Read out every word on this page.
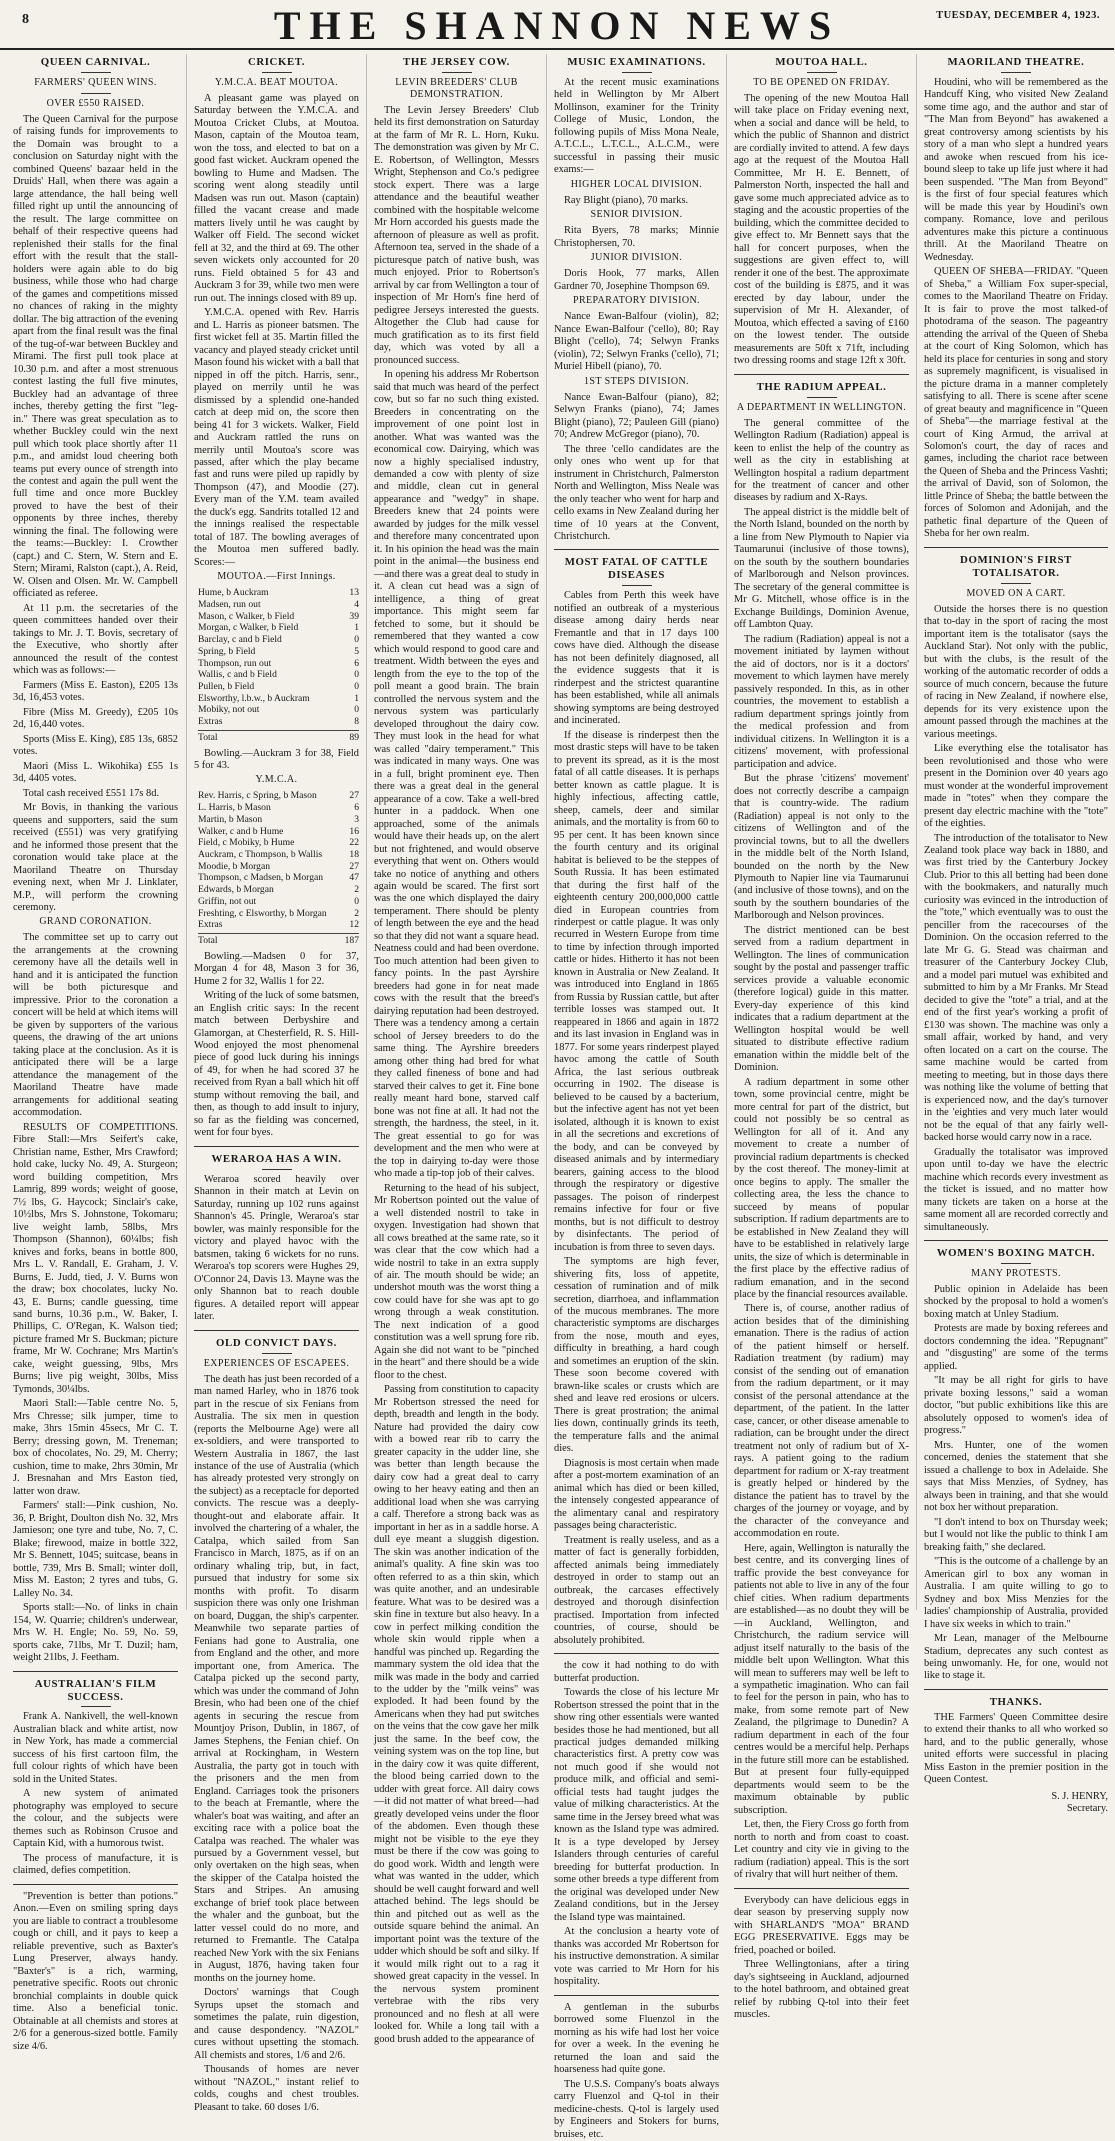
8	THE SHANNON NEWS	TUESDAY, DECEMBER 4, 1923.
QUEEN CARNIVAL.
FARMERS' QUEEN WINS.
OVER £550 RAISED.

The Queen Carnival for the purpose of raising funds for improvements to the Domain was brought to a conclusion on Saturday night with the combined Queens' bazaar held in the Druids' Hall, when there was again a large attendance, the hall being well filled right up until the announcing of the result. The large committee on behalf of their respective queens had replenished their stalls for the final effort with the result that the stall-holders were again able to do big business, while those who had charge of the games and competitions missed no chances of raking in the mighty dollar. The big attraction of the evening apart from the final result was the final of the tug-of-war between Buckley and Mirami. The first pull took place at 10.30 p.m. and after a most strenuous contest lasting the full five minutes, Buckley had an advantage of three inches, thereby getting the first "leg-in." There was great speculation as to whether Buckley could win the next pull which took place shortly after 11 p.m., and amidst loud cheering both teams put every ounce of strength into the contest and again the pull went the full time and once more Buckley proved to have the best of their opponents by three inches, thereby winning the final. The following were the teams:—Buckley: I. Crowther (capt.) and C. Stern, W. Stern and E. Stern; Mirami, Ralston (capt.), A. Reid, W. Olsen and Olsen. Mr. W. Campbell officiated as referee.

At 11 p.m. the secretaries of the queen committees handed over their takings to Mr. J. T. Bovis, secretary of the Executive, who shortly after announced the result of the contest which was as follows:—

Farmers (Miss E. Easton), £205 13s 3d, 16,453 votes.

Fibre (Miss M. Greedy), £205 10s 2d, 16,440 votes.

Sports (Miss E. King), £85 13s, 6852 votes.

Maori (Miss L. Wikohika) £55 1s 3d, 4405 votes.

Total cash received £551 17s 8d.

Mr Bovis, in thanking the various queens and supporters, said the sum received (£551) was very gratifying and he informed those present that the coronation would take place at the Maoriland Theatre on Thursday evening next, when Mr J. Linklater, M.P., will perform the crowning ceremony.

GRAND CORONATION.

The committee set up to carry out the arrangements at the crowning ceremony have all the details well in hand and it is anticipated the function will be both picturesque and impressive. Prior to the coronation a concert will be held at which items will be given by supporters of the various queens, the drawing of the art unions taking place at the conclusion. As it is anticipated there will be a large attendance the management of the Maoriland Theatre have made arrangements for additional seating accommodation.

RESULTS OF COMPETITIONS. Fibre Stall:—Mrs Seifert's cake, Christian name, Esther, Mrs Crawford; hold cake, lucky No. 49, A. Sturgeon; word building competition, Mrs Lamrig, 899 words; weight of goose, 7½ lbs, G. Haycock; Sinclair's cake, 10½lbs, Mrs S. Johnstone, Tokomaru; live weight lamb, 58lbs, Mrs Thompson (Shannon), 60¼lbs; fish knives and forks, beans in bottle 800, Mrs L. V. Randall, E. Graham, J. V. Burns, E. Judd, tied, J. V. Burns won the draw; box chocolates, lucky No. 43, E. Burns; candle guessing, time sand burns, 10.36 p.m., W. Baker, I. Phillips, C. O'Regan, K. Walson tied; picture framed Mr S. Buckman; picture frame, Mr W. Cochrane; Mrs Martin's cake, weight guessing, 9lbs, Mrs Burns; live pig weight, 30lbs, Miss Tymonds, 30¼lbs.

Maori Stall:—Table centre No. 5, Mrs Chresse; silk jumper, time to make, 3hrs 15min 45secs, Mr C. T. Berry; dressing gown, M. Treneman; box of chocolates, No. 29, M. Cherry; cushion, time to make, 2hrs 30min, Mr J. Bresnahan and Mrs Easton tied, latter won draw.

Farmers' stall:—Pink cushion, No. 36, P. Bright, Doulton dish No. 32, Mrs Jamieson; one tyre and tube, No. 7, C. Blake; firewood, maize in bottle 322, Mr S. Bennett, 1045; suitcase, beans in bottle, 739, Mrs B. Small; winter doll, Miss M. Easton; 2 tyres and tubs, G. Lalley No. 34.

Sports stall:—No. of links in chain 154, W. Quarrie; children's underwear, Mrs W. H. Engle; No. 59, No. 59, sports cake, 71lbs, Mr T. Duzil; ham, weight 21lbs, J. Feetham.

AUSTRALIAN'S FILM SUCCESS.

Frank A. Nankivell, the well-known Australian black and white artist, now in New York, has made a commercial success of his first cartoon film, the full colour rights of which have been sold in the United States.

A new system of animated photography was employed to secure the colour, and the subjects were themes such as Robinson Crusoe and Captain Kid, with a humorous twist.

The process of manufacture, it is claimed, defies competition.

"Prevention is better than potions." Anon.—Even on smiling spring days you are liable to contract a troublesome cough or chill, and it pays to keep a reliable preventive, such as Baxter's Lung Preserver, always handy. "Baxter's" is a rich, warming, penetrative specific. Roots out chronic bronchial complaints in double quick time. Also a beneficial tonic. Obtainable at all chemists and stores at 2/6 for a generous-sized bottle. Family size 4/6.

CRICKET.
Y.M.C.A. BEAT MOUTOA.

A pleasant game was played on Saturday between the Y.M.C.A. and Moutoa Cricket Clubs, at Moutoa. Mason, captain of the Moutoa team, won the toss, and elected to bat on a good fast wicket. Auckram opened the bowling to Hume and Madsen. The scoring went along steadily until Madsen was run out. Mason (captain) filled the vacant crease and made matters lively until he was caught by Walker off Field. The second wicket fell at 32, and the third at 69. The other seven wickets only accounted for 20 runs. Field obtained 5 for 43 and Auckram 3 for 39, while two men were run out. The innings closed with 89 up.

Y.M.C.A. opened with Rev. Harris and L. Harris as pioneer batsmen. The first wicket fell at 35. Martin filled the vacancy and played steady cricket until Mason found his wicket with a ball that nipped in off the pitch. Harris, senr., played on merrily until he was dismissed by a splendid one-handed catch at deep mid on, the score then being 41 for 3 wickets. Walker, Field and Auckram rattled the runs on merrily until Moutoa's score was passed, after which the play became fast and runs were piled up rapidly by Thompson (47), and Moodie (27). Every man of the Y.M. team availed the duck's egg. Sandrits totalled 12 and the innings realised the respectable total of 187. The bowling averages of the Moutoa men suffered badly. Scores:—

MOUTOA.—First Innings.
Hume, b Auckram	13
Madsen, run out	4
Mason, c Walker, b Field	39
Morgan, c Walker, b Field	1
Barclay, c and b Field	0
Spring, b Field	5
Thompson, run out	6
Wallis, c and b Field	0
Pullen, b Field	0
Elsworthy, l.b.w., b Auckram	1
Mobiky, not out	0
Extras	8
Total	89

Bowling.—Auckram 3 for 38, Field 5 for 43.

Y.M.C.A.
Rev. Harris, c Spring, b Mason	27
L. Harris, b Mason	6
Martin, b Mason	3
Walker, c and b Hume	16
Field, c Mobiky, b Hume	22
Auckram, c Thompson, b Wallis	18
Moodie, b Morgan	27
Thompson, c Madsen, b Morgan	47
Edwards, b Morgan	2
Griffin, not out	0
Freshting, c Elsworthy, b Morgan	2
Extras	12
Total	187

Bowling.—Madsen 0 for 37, Morgan 4 for 48, Mason 3 for 36, Hume 2 for 32, Wallis 1 for 22.

Writing of the luck of some batsmen, an English critic says: In the recent match between Derbyshire and Glamorgan, at Chesterfield, R. S. Hill-Wood enjoyed the most phenomenal piece of good luck during his innings of 49, for when he had scored 37 he received from Ryan a ball which hit off stump without removing the bail, and then, as though to add insult to injury, so far as the fielding was concerned, went for four byes.

WERAROA HAS A WIN.

Weraroa scored heavily over Shannon in their match at Levin on Saturday, running up 102 runs against Shannon's 45. Pringle, Weraroa's star bowler, was mainly responsible for the victory and played havoc with the batsmen, taking 6 wickets for no runs. Weraroa's top scorers were Hughes 29, O'Connor 24, Davis 13. Mayne was the only Shannon bat to reach double figures. A detailed report will appear later.

OLD CONVICT DAYS.
EXPERIENCES OF ESCAPEES.

The death has just been recorded of a man named Harley, who in 1876 took part in the rescue of six Fenians from Australia. The six men in question (reports the Melbourne Age) were all ex-soldiers, and were transported to Western Australia in 1867, the last instance of the use of Australia (which has already protested very strongly on the subject) as a receptacle for deported convicts. The rescue was a deeply-thought-out and elaborate affair. It involved the chartering of a whaler, the Catalpa, which sailed from San Francisco in March, 1875, as if on an ordinary whaling trip, but, in fact, pursued that industry for some six months with profit. To disarm suspicion there was only one Irishman on board, Duggan, the ship's carpenter. Meanwhile two separate parties of Fenians had gone to Australia, one from England and the other, and more important one, from America. The Catalpa picked up the second party, which was under the command of John Bresin, who had been one of the chief agents in securing the rescue from Mountjoy Prison, Dublin, in 1867, of James Stephens, the Fenian chief. On arrival at Rockingham, in Western Australia, the party got in touch with the prisoners and the men from England. Carriages took the prisoners to the beach at Fremantle, where the whaler's boat was waiting, and after an exciting race with a police boat the Catalpa was reached. The whaler was pursued by a Government vessel, but only overtaken on the high seas, when the skipper of the Catalpa hoisted the Stars and Stripes. An amusing exchange of brief took place between the whaler and the gunboat, but the latter vessel could do no more, and returned to Fremantle. The Catalpa reached New York with the six Fenians in August, 1876, having taken four months on the journey home.

Doctors' warnings that Cough Syrups upset the stomach and sometimes the palate, ruin digestion, and cause despondency. "NAZOL" cures without upsetting the stomach. All chemists and stores, 1/6 and 2/6.

Thousands of homes are never without "NAZOL," instant relief to colds, coughs and chest troubles. Pleasant to take. 60 doses 1/6.

THE JERSEY COW.
LEVIN BREEDERS' CLUB DEMONSTRATION.

The Levin Jersey Breeders' Club held its first demonstration on Saturday at the farm of Mr R. L. Horn, Kuku. The demonstration was given by Mr C. E. Robertson, of Wellington, Messrs Wright, Stephenson and Co.'s pedigree stock expert. There was a large attendance and the beautiful weather combined with the hospitable welcome Mr Horn accorded his guests made the afternoon of pleasure as well as profit. Afternoon tea, served in the shade of a picturesque patch of native bush, was much enjoyed. Prior to Robertson's arrival by car from Wellington a tour of inspection of Mr Horn's fine herd of pedigree Jerseys interested the guests. Altogether the Club had cause for much gratification as to its first field day, which was voted by all a pronounced success.

In opening his address Mr Robertson said that much was heard of the perfect cow, but so far no such thing existed. Breeders in concentrating on the improvement of one point lost in another. What was wanted was the economical cow. Dairying, which was now a highly specialised industry, demanded a cow with plenty of size and middle, clean cut in general appearance and "wedgy" in shape. Breeders knew that 24 points were awarded by judges for the milk vessel and therefore many concentrated upon it. In his opinion the head was the main point in the animal—the business end—and there was a great deal to study in it. A clean cut head was a sign of intelligence, a thing of great importance. This might seem far fetched to some, but it should be remembered that they wanted a cow which would respond to good care and treatment. Width between the eyes and length from the eye to the top of the poll meant a good brain. The brain controlled the nervous system and the nervous system was particularly developed throughout the dairy cow. They must look in the head for what was called "dairy temperament." This was indicated in many ways. One was in a full, bright prominent eye. Then there was a great deal in the general appearance of a cow. Take a well-bred hunter in a paddock. When one approached, some of the animals would have their heads up, on the alert but not frightened, and would observe everything that went on. Others would take no notice of anything and others again would be scared. The first sort was the one which displayed the dairy temperament. There should be plenty of length between the eye and the head so that they did not want a square head. Neatness could and had been overdone. Too much attention had been given to fancy points. In the past Ayrshire breeders had gone in for neat made cows with the result that the breed's dairying reputation had been destroyed. There was a tendency among a certain school of Jersey breeders to do the same thing. The Ayrshire breeders among other thing had bred for what they called fineness of bone and had starved their calves to get it. Fine bone really meant hard bone, starved calf bone was not fine at all. It had not the strength, the hardness, the steel, in it. The great essential to go for was development and the men who were at the top in dairying to-day were those who made a tip-top job of their calves.

Returning to the head of his subject, Mr Robertson pointed out the value of a well distended nostril to take in oxygen. Investigation had shown that all cows breathed at the same rate, so it was clear that the cow which had a wide nostril to take in an extra supply of air. The mouth should be wide; an undershot mouth was the worst thing a cow could have for she was apt to go wrong through a weak constitution. The next indication of a good constitution was a well sprung fore rib. Again she did not want to be "pinched in the heart" and there should be a wide floor to the chest.

Passing from constitution to capacity Mr Robertson stressed the need for depth, breadth and length in the body. Nature had provided the dairy cow with a bowed rear rib to carry the greater capacity in the udder line, she was better than length because the dairy cow had a great deal to carry owing to her heavy eating and then an additional load when she was carrying a calf. Therefore a strong back was as important in her as in a saddle horse. A dull eye meant a sluggish digestion. The skin was another indication of the animal's quality. A fine skin was too often referred to as a thin skin, which was quite another, and an undesirable feature. What was to be desired was a skin fine in texture but also heavy. In a cow in perfect milking condition the whole skin would ripple when a handful was pinched up. Regarding the mammary system the old idea that the milk was made in the body and carried to the udder by the "milk veins" was exploded. It had been found by the Americans when they had put switches on the veins that the cow gave her milk just the same. In the beef cow, the veining system was on the top line, but in the dairy cow it was quite different, the blood being carried down to the udder with great force. All dairy cows—it did not matter of what breed—had greatly developed veins under the floor of the abdomen. Even though these might not be visible to the eye they must be there if the cow was going to do good work. Width and length were what was wanted in the udder, which should be well caught forward and well attached behind. The legs should be thin and pitched out as well as the outside square behind the animal. An important point was the texture of the udder which should be soft and silky. If it would milk right out to a rag it showed great capacity in the vessel. In the nervous system prominent vertebrae with the ribs very pronounced and no flesh at all were looked for. While a long tail with a good brush added to the appearance of

MUSIC EXAMINATIONS.

At the recent music examinations held in Wellington by Mr Albert Mollinson, examiner for the Trinity College of Music, London, the following pupils of Miss Mona Neale, A.T.C.L., L.T.C.L., A.L.C.M., were successful in passing their music exams:—

HIGHER LOCAL DIVISION.

Ray Blight (piano), 70 marks.

SENIOR DIVISION.

Rita Byers, 78 marks; Minnie Christophersen, 70.

JUNIOR DIVISION.

Doris Hook, 77 marks, Allen Gardner 70, Josephine Thompson 69.

PREPARATORY DIVISION.

Nance Ewan-Balfour (violin), 82; Nance Ewan-Balfour ('cello), 80; Ray Blight ('cello), 74; Selwyn Franks (violin), 72; Selwyn Franks ('cello), 71; Muriel Hibell (piano), 70.

1ST STEPS DIVISION.

Nance Ewan-Balfour (piano), 82; Selwyn Franks (piano), 74; James Blight (piano), 72; Pauleen Gill (piano) 70; Andrew McGregor (piano), 70.

The three 'cello candidates are the only ones who went up for that instrument in Christchurch, Palmerston North and Wellington, Miss Neale was the only teacher who went for harp and cello exams in New Zealand during her time of 10 years at the Convent, Christchurch.

MOST FATAL OF CATTLE DISEASES

Cables from Perth this week have notified an outbreak of a mysterious disease among dairy herds near Fremantle and that in 17 days 100 cows have died. Although the disease has not been definitely diagnosed, all the evidence suggests that it is rinderpest and the strictest quarantine has been established, while all animals showing symptoms are being destroyed and incinerated.

If the disease is rinderpest then the most drastic steps will have to be taken to prevent its spread, as it is the most fatal of all cattle diseases. It is perhaps better known as cattle plague. It is highly infectious, affecting cattle, sheep, camels, deer and similar animals, and the mortality is from 60 to 95 per cent. It has been known since the fourth century and its original habitat is believed to be the steppes of South Russia. It has been estimated that during the first half of the eighteenth century 200,000,000 cattle died in European countries from rinderpest or cattle plague. It was only recurred in Western Europe from time to time by infection through imported cattle or hides. Hitherto it has not been known in Australia or New Zealand. It was introduced into England in 1865 from Russia by Russian cattle, but after terrible losses was stamped out. It reappeared in 1866 and again in 1872 and its last invasion in England was in 1877. For some years rinderpest played havoc among the cattle of South Africa, the last serious outbreak occurring in 1902. The disease is believed to be caused by a bacterium, but the infective agent has not yet been isolated, although it is known to exist in all the secretions and excretions of the body, and can be conveyed by diseased animals and by intermediary bearers, gaining access to the blood through the respiratory or digestive passages. The poison of rinderpest remains infective for four or five months, but is not difficult to destroy by disinfectants. The period of incubation is from three to seven days.

The symptoms are high fever, shivering fits, loss of appetite, cessation of rumination and of milk secretion, diarrhoea, and inflammation of the mucous membranes. The more characteristic symptoms are discharges from the nose, mouth and eyes, difficulty in breathing, a hard cough and sometimes an eruption of the skin. These soon become covered with brawn-like scales or crusts which are shed and leave red erosions or ulcers. There is great prostration; the animal lies down, continually grinds its teeth, the temperature falls and the animal dies.

Diagnosis is most certain when made after a post-mortem examination of an animal which has died or been killed, the intensely congested appearance of the alimentary canal and respiratory passages being characteristic.

Treatment is really useless, and as a matter of fact is generally forbidden, affected animals being immediately destroyed in order to stamp out an outbreak, the carcases effectively destroyed and thorough disinfection practised. Importation from infected countries, of course, should be absolutely prohibited.

the cow it had nothing to do with butterfat production.

Towards the close of his lecture Mr Robertson stressed the point that in the show ring other essentials were wanted besides those he had mentioned, but all practical judges demanded milking characteristics first. A pretty cow was not much good if she would not produce milk, and official and semi-official tests had taught judges the value of milking characteristics. At the same time in the Jersey breed what was known as the Island type was admired. It is a type developed by Jersey Islanders through centuries of careful breeding for butterfat production. In some other breeds a type different from the original was developed under New Zealand conditions, but in the Jersey the Island type was maintained.

At the conclusion a hearty vote of thanks was accorded Mr Robertson for his instructive demonstration. A similar vote was carried to Mr Horn for his hospitality.

A gentleman in the suburbs borrowed some Fluenzol in the morning as his wife had lost her voice for over a week. In the evening he returned the loan and said the hoarseness had quite gone.

The U.S.S. Company's boats always carry Fluenzol and Q-tol in their medicine-chests. Q-tol is largely used by Engineers and Stokers for burns, bruises, etc.

MOUTOA HALL.
TO BE OPENED ON FRIDAY.

The opening of the new Moutoa Hall will take place on Friday evening next, when a social and dance will be held, to which the public of Shannon and district are cordially invited to attend. A few days ago at the request of the Moutoa Hall Committee, Mr H. E. Bennett, of Palmerston North, inspected the hall and gave some much appreciated advice as to staging and the acoustic properties of the building, which the committee decided to give effect to. Mr Bennett says that the hall for concert purposes, when the suggestions are given effect to, will render it one of the best. The approximate cost of the building is £875, and it was erected by day labour, under the supervision of Mr H. Alexander, of Moutoa, which effected a saving of £160 on the lowest tender. The outside measurements are 50ft x 71ft, including two dressing rooms and stage 12ft x 30ft.

THE RADIUM APPEAL.
A DEPARTMENT IN WELLINGTON.

The general committee of the Wellington Radium (Radiation) appeal is keen to enlist the help of the country as well as the city in establishing at Wellington hospital a radium department for the treatment of cancer and other diseases by radium and X-Rays.

The appeal district is the middle belt of the North Island, bounded on the north by a line from New Plymouth to Napier via Taumarunui (inclusive of those towns), on the south by the southern boundaries of Marlborough and Nelson provinces. The secretary of the general committee is Mr G. Mitchell, whose office is in the Exchange Buildings, Dominion Avenue, off Lambton Quay.

The radium (Radiation) appeal is not a movement initiated by laymen without the aid of doctors, nor is it a doctors' movement to which laymen have merely passively responded. In this, as in other countries, the movement to establish a radium department springs jointly from the medical profession and from individual citizens. In Wellington it is a citizens' movement, with professional participation and advice.

But the phrase 'citizens' movement' does not correctly describe a campaign that is country-wide. The radium (Radiation) appeal is not only to the citizens of Wellington and of the provincial towns, but to all the dwellers in the middle belt of the North Island, bounded on the north by the New Plymouth to Napier line via Taumarunui (and inclusive of those towns), and on the south by the southern boundaries of the Marlborough and Nelson provinces.

The district mentioned can be best served from a radium department in Wellington. The lines of communication sought by the postal and passenger traffic services provide a valuable economic (therefore logical) guide in this matter. Every-day experience of this kind indicates that a radium department at the Wellington hospital would be well situated to distribute effective radium emanation within the middle belt of the Dominion.

A radium department in some other town, some provincial centre, might be more central for part of the district, but could not possibly be so central as Wellington for all of it. And any movement to create a number of provincial radium departments is checked by the cost thereof. The money-limit at once begins to apply. The smaller the collecting area, the less the chance to succeed by means of popular subscription. If radium departments are to be established in New Zealand they will have to be established in relatively large units, the size of which is determinable in the first place by the effective radius of radium emanation, and in the second place by the financial resources available.

There is, of course, another radius of action besides that of the diminishing emanation. There is the radius of action of the patient himself or herself. Radiation treatment (by radium) may consist of the sending out of emanation from the radium department, or it may consist of the personal attendance at the department, of the patient. In the latter case, cancer, or other disease amenable to radiation, can be brought under the direct treatment not only of radium but of X-rays. A patient going to the radium department for radium or X-ray treatment is greatly helped or hindered by the distance the patient has to travel by the charges of the journey or voyage, and by the character of the conveyance and accommodation en route.

Here, again, Wellington is naturally the best centre, and its converging lines of traffic provide the best conveyance for patients not able to live in any of the four chief cities. When radium departments are established—as no doubt they will be—in Auckland, Wellington, and Christchurch, the radium service will adjust itself naturally to the basis of the middle belt upon Wellington. What this will mean to sufferers may well be left to a sympathetic imagination. Who can fail to feel for the person in pain, who has to make, from some remote part of New Zealand, the pilgrimage to Dunedin? A radium department in each of the four centres would be a merciful help. Perhaps in the future still more can be established. But at present four fully-equipped departments would seem to be the maximum obtainable by public subscription.

Let, then, the Fiery Cross go forth from north to north and from coast to coast. Let country and city vie in giving to the radium (radiation) appeal. This is the sort of rivalry that will hurt neither of them.

Everybody can have delicious eggs in dear season by preserving supply now with SHARLAND'S "MOA" BRAND EGG PRESERVATIVE. Eggs may be fried, poached or boiled.

Three Wellingtonians, after a tiring day's sightseeing in Auckland, adjourned to the hotel bathroom, and obtained great relief by rubbing Q-tol into their feet muscles.

MAORILAND THEATRE.

Houdini, who will be remembered as the Handcuff King, who visited New Zealand some time ago, and the author and star of "The Man from Beyond" has awakened a great controversy among scientists by his story of a man who slept a hundred years and awoke when rescued from his ice-bound sleep to take up life just where it had been suspended. "The Man from Beyond" is the first of four special features which will be made this year by Houdini's own company. Romance, love and perilous adventures make this picture a continuous thrill. At the Maoriland Theatre on Wednesday.

QUEEN OF SHEBA—FRIDAY. "Queen of Sheba," a William Fox super-special, comes to the Maoriland Theatre on Friday. It is fair to prove the most talked-of photodrama of the season. The pageantry attending the arrival of the Queen of Sheba at the court of King Solomon, which has held its place for centuries in song and story as supremely magnificent, is visualised in the picture drama in a manner completely satisfying to all. There is scene after scene of great beauty and magnificence in "Queen of Sheba"—the marriage festival at the court of King Armud, the arrival at Solomon's court, the day of races and games, including the chariot race between the Queen of Sheba and the Princess Vashti; the arrival of David, son of Solomon, the little Prince of Sheba; the battle between the forces of Solomon and Adonijah, and the pathetic final departure of the Queen of Sheba for her own realm.

DOMINION'S FIRST TOTALISATOR.
MOVED ON A CART.

Outside the horses there is no question that to-day in the sport of racing the most important item is the totalisator (says the Auckland Star). Not only with the public, but with the clubs, is the result of the working of the automatic recorder of odds a source of much concern, because the future of racing in New Zealand, if nowhere else, depends for its very existence upon the amount passed through the machines at the various meetings.

Like everything else the totalisator has been revolutionised and those who were present in the Dominion over 40 years ago must wonder at the wonderful improvement made in "totes" when they compare the present day electric machine with the "tote" of the eighties.

The introduction of the totalisator to New Zealand took place way back in 1880, and was first tried by the Canterbury Jockey Club. Prior to this all betting had been done with the bookmakers, and naturally much curiosity was evinced in the introduction of the "tote," which eventually was to oust the penciller from the racecourses of the Dominion. On the occasion referred to the late Mr G. G. Stead was chairman and treasurer of the Canterbury Jockey Club, and a model pari mutuel was exhibited and submitted to him by a Mr Franks. Mr Stead decided to give the "tote" a trial, and at the end of the first year's working a profit of £130 was shown. The machine was only a small affair, worked by hand, and very often located on a cart on the course. The same machine would be carted from meeting to meeting, but in those days there was nothing like the volume of betting that is experienced now, and the day's turnover in the 'eighties and very much later would not be the equal of that any fairly well-backed horse would carry now in a race.

Gradually the totalisator was improved upon until to-day we have the electric machine which records every investment as the ticket is issued, and no matter how many tickets are taken on a horse at the same moment all are recorded correctly and simultaneously.

WOMEN'S BOXING MATCH.
MANY PROTESTS.

Public opinion in Adelaide has been shocked by the proposal to hold a women's boxing match at Unley Stadium.

Protests are made by boxing referees and doctors condemning the idea. "Repugnant" and "disgusting" are some of the terms applied.

"It may be all right for girls to have private boxing lessons," said a woman doctor, "but public exhibitions like this are absolutely opposed to women's idea of progress."

Mrs. Hunter, one of the women concerned, denies the statement that she issued a challenge to box in Adelaide. She says that Miss Menzies, of Sydney, has always been in training, and that she would not box her without preparation.

"I don't intend to box on Thursday week; but I would not like the public to think I am breaking faith," she declared.

"This is the outcome of a challenge by an American girl to box any woman in Australia. I am quite willing to go to Sydney and box Miss Menzies for the ladies' championship of Australia, provided I have six weeks in which to train."

Mr Lean, manager of the Melbourne Stadium, deprecates any such contest as being unwomanly. He, for one, would not like to stage it.

THANKS.

THE Farmers' Queen Committee desire to extend their thanks to all who worked so hard, and to the public generally, whose united efforts were successful in placing Miss Easton in the premier position in the Queen Contest.

S. J. HENRY,
Secretary.
